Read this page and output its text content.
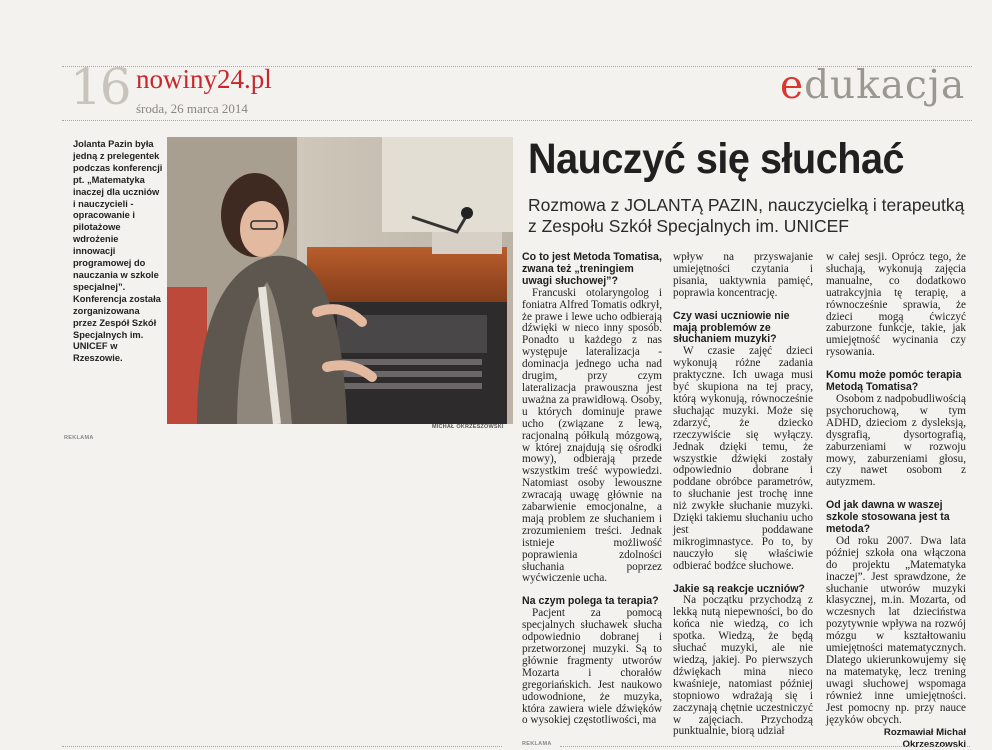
16 nowiny24.pl
środa, 26 marca 2014
edukacja
Jolanta Pazin była jedną z prelegentek podczas konferencji pt. „Matematyka inaczej dla uczniów i nauczycieli - opracowanie i pilotażowe wdrożenie innowacji programowej do nauczania w szkole specjalnej”. Konferencja została zorganizowana przez Zespół Szkół Specjalnych im. UNICEF w Rzeszowie.
MICHAŁ OKRZESZOWSKI
REKLAMA
Nauczyć się słuchać
Rozmowa z JOLANTĄ PAZIN, nauczycielką i terapeutką z Zespołu Szkół Specjalnych im. UNICEF
Co to jest Metoda Tomatisa, zwana też „treningiem uwagi słuchowej”?
Francuski otolaryngolog i foniatra Alfred Tomatis odkrył, że prawe i lewe ucho odbierają dźwięki w nieco inny sposób. Ponadto u każdego z nas występuje lateralizacja - dominacja jednego ucha nad drugim, przy czym lateralizacja prawouszna jest uważna za prawidłową. Osoby, u których dominuje prawe ucho (związane z lewą, racjonalną półkulą mózgową, w której znajdują się ośrodki mowy), odbierają przede wszystkim treść wypowiedzi. Natomiast osoby lewouszne zwracają uwagę głównie na zabarwienie emocjonalne, a mają problem ze słuchaniem i zrozumieniem treści. Jednak istnieje możliwość poprawienia zdolności słuchania poprzez wyćwiczenie ucha.
Na czym polega ta terapia?
Pacjent za pomocą specjalnych słuchawek słucha odpowiednio dobranej i przetworzonej muzyki. Są to głównie fragmenty utworów Mozarta i chorałów gregoriańskich. Jest naukowo udowodnione, że muzyka, która zawiera wiele dźwięków o wysokiej częstotliwości, ma
wpływ na przyswajanie umiejętności czytania i pisania, uaktywnia pamięć, poprawia koncentrację.
Czy wasi uczniowie nie mają problemów ze słuchaniem muzyki?
W czasie zajęć dzieci wykonują różne zadania praktyczne. Ich uwaga musi być skupiona na tej pracy, którą wykonują, równocześnie słuchając muzyki. Może się zdarzyć, że dziecko rzeczywiście się wyłączy. Jednak dzięki temu, że wszystkie dźwięki zostały odpowiednio dobrane i poddane obróbce parametrów, to słuchanie jest trochę inne niż zwykłe słuchanie muzyki. Dzięki takiemu słuchaniu ucho jest poddawane mikrogimnastyce. Po to, by nauczyło się właściwie odbierać bodźce słuchowe.
Jakie są reakcje uczniów?
Na początku przychodzą z lekką nutą niepewności, bo do końca nie wiedzą, co ich spotka. Wiedzą, że będą słuchać muzyki, ale nie wiedzą, jakiej. Po pierwszych dźwiękach mina nieco kwaśnieje, natomiast później stopniowo wdrażają się i zaczynają chętnie uczestniczyć w zajęciach. Przychodzą punktualnie, biorą udział
w całej sesji. Oprócz tego, że słuchają, wykonują zajęcia manualne, co dodatkowo uatrakcyjnia tę terapię, a równocześnie sprawia, że dzieci mogą ćwiczyć zaburzone funkcje, takie, jak umiejętność wycinania czy rysowania.
Komu może pomóc terapia Metodą Tomatisa?
Osobom z nadpobudliwością psychoruchową, w tym ADHD, dzieciom z dysleksją, dysgrafią, dysortografią, zaburzeniami w rozwoju mowy, zaburzeniami głosu, czy nawet osobom z autyzmem.
Od jak dawna w waszej szkole stosowana jest ta metoda?
Od roku 2007. Dwa lata później szkoła ona włączona do projektu „Matematyka inaczej”. Jest sprawdzone, że słuchanie utworów muzyki klasycznej, m.in. Mozarta, od wczesnych lat dzieciństwa pozytywnie wpływa na rozwój mózgu w kształtowaniu umiejętności matematycznych. Dlatego ukierunkowujemy się na matematykę, lecz trening uwagi słuchowej wspomaga również inne umiejętności. Jest pomocny np. przy nauce języków obcych.
Rozmawiał Michał Okrzeszowski
REKLAMA
